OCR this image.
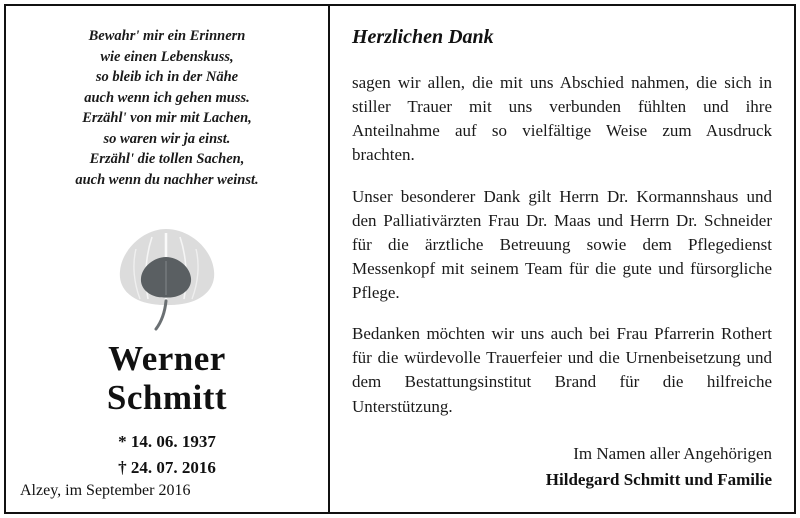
Bewahr' mir ein Erinnern
wie einen Lebenskuss,
so bleib ich in der Nähe
auch wenn ich gehen muss.
Erzähl' von mir mit Lachen,
so waren wir ja einst.
Erzähl' die tollen Sachen,
auch wenn du nachher weinst.
Werner
Schmitt
* 14. 06. 1937
† 24. 07. 2016
Alzey, im September 2016
Herzlichen Dank

sagen wir allen, die mit uns Abschied nahmen, die sich in stiller Trauer mit uns verbunden fühlten und ihre Anteilnahme auf so vielfältige Weise zum Ausdruck brachten.

Unser besonderer Dank gilt Herrn Dr. Kormannshaus und den Palliativärzten Frau Dr. Maas und Herrn Dr. Schneider für die ärztliche Betreuung sowie dem Pflegedienst Messenkopf mit seinem Team für die gute und fürsorgliche Pflege.

Bedanken möchten wir uns auch bei Frau Pfarrerin Rothert für die würdevolle Trauerfeier und die Urnenbeisetzung und dem Bestattungsinstitut Brand für die hilfreiche Unterstützung.

Im Namen aller Angehörigen
Hildegard Schmitt und Familie
